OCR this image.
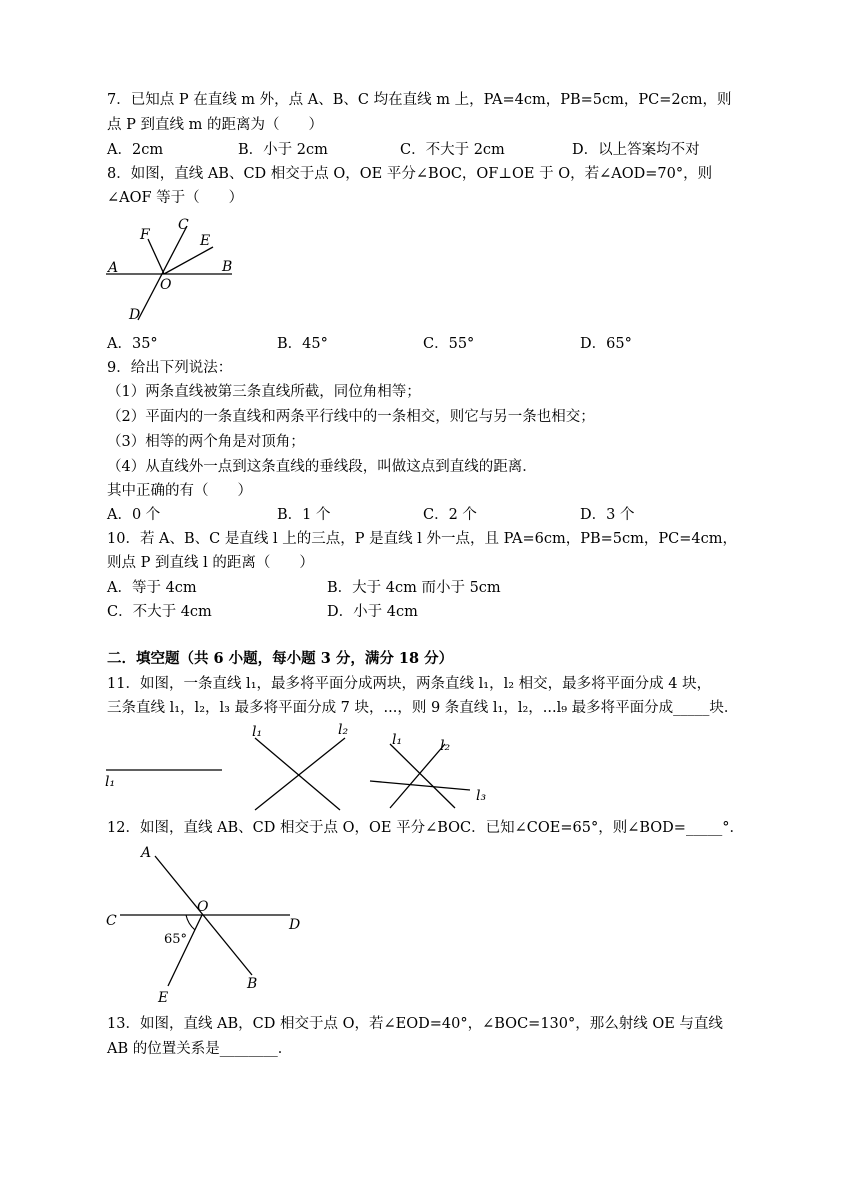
7．已知点 P 在直线 m 外，点 A、B、C 均在直线 m 上，PA=4cm，PB=5cm，PC=2cm，则
点 P 到直线 m 的距离为（　　）
A．2cm	B．小于 2cm	C．不大于 2cm	D．以上答案均不对
8．如图，直线 AB、CD 相交于点 O，OE 平分∠BOC，OF⊥OE 于 O，若∠AOD=70°，则
∠AOF 等于（　　）
A	B
C
D
E
F
O
A．35°	B．45°	C．55°	D．65°
9．给出下列说法：
（1）两条直线被第三条直线所截，同位角相等；
（2）平面内的一条直线和两条平行线中的一条相交，则它与另一条也相交；
（3）相等的两个角是对顶角；
（4）从直线外一点到这条直线的垂线段，叫做这点到直线的距离．
其中正确的有（　　）
A．0 个	B．1 个	C．2 个	D．3 个
10．若 A、B、C 是直线 l 上的三点，P 是直线 l 外一点，且 PA=6cm，PB=5cm，PC=4cm，
则点 P 到直线 l 的距离（　　）
A．等于 4cm	B．大于 4cm 而小于 5cm
C．不大于 4cm	D．小于 4cm
二．填空题（共 6 小题，每小题 3 分，满分 18 分）
11．如图，一条直线 l₁，最多将平面分成两块，两条直线 l₁，l₂ 相交，最多将平面分成 4 块，
三条直线 l₁，l₂，l₃ 最多将平面分成 7 块，...，则 9 条直线 l₁，l₂，...l₉ 最多将平面分成_____块．
l₁
l₁	l₂
l₁	l₂
l₃
12．如图，直线 AB、CD 相交于点 O，OE 平分∠BOC．已知∠COE=65°，则∠BOD=_____°．
A
B
C	D
E
O
65°
13．如图，直线 AB，CD 相交于点 O，若∠EOD=40°，∠BOC=130°，那么射线 OE 与直线
AB 的位置关系是________．
